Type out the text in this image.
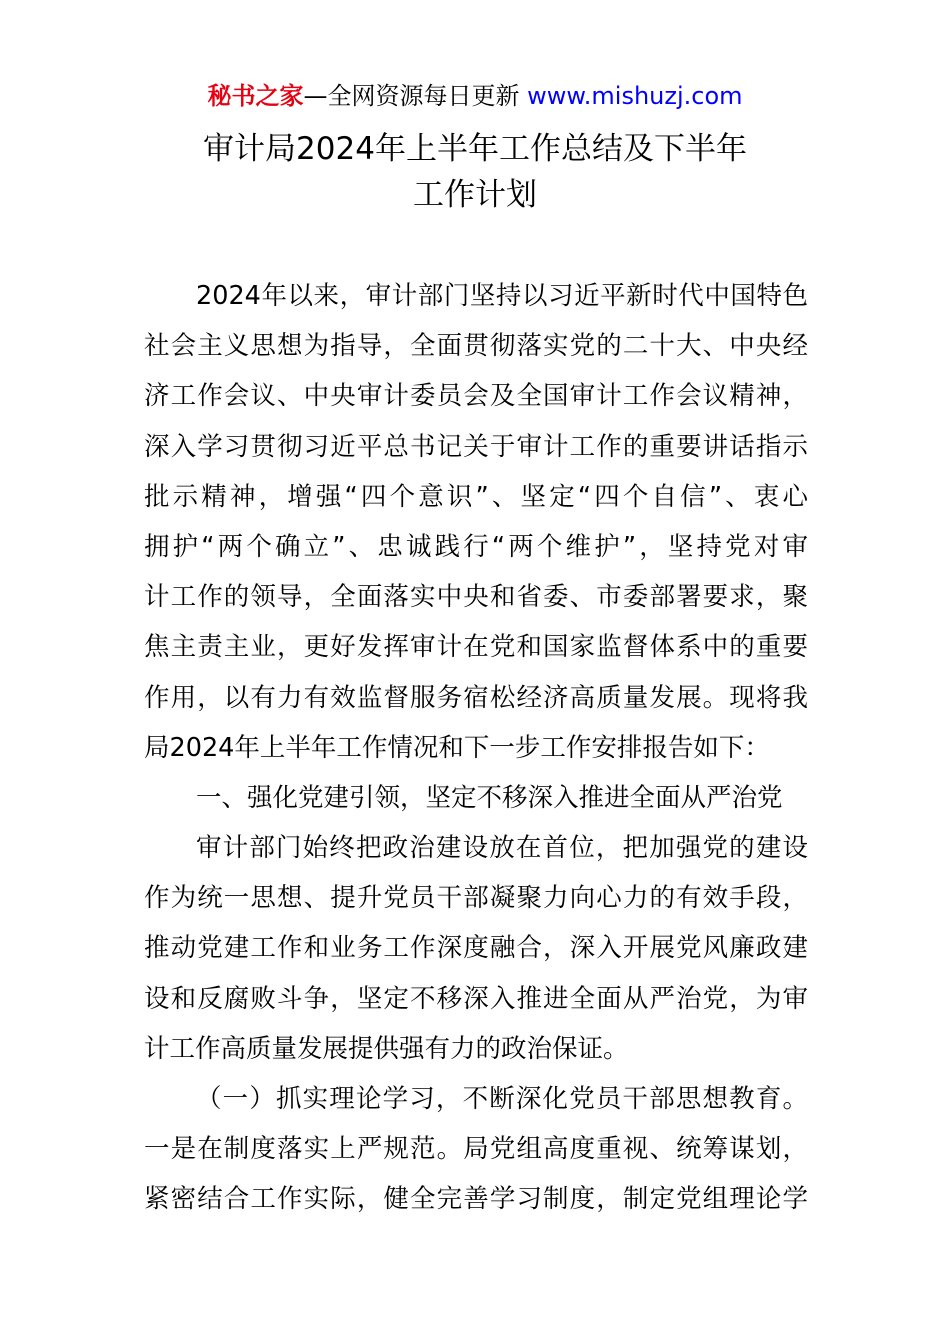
秘书之家—全网资源每日更新 www.mishuzj.com
审计局2024年上半年工作总结及下半年
工作计划
2024年以来，审计部门坚持以习近平新时代中国特色
社会主义思想为指导，全面贯彻落实党的二十大、中央经
济工作会议、中央审计委员会及全国审计工作会议精神，
深入学习贯彻习近平总书记关于审计工作的重要讲话指示
批示精神，增强“四个意识”、坚定“四个自信”、衷心
拥护“两个确立”、忠诚践行“两个维护”，坚持党对审
计工作的领导，全面落实中央和省委、市委部署要求，聚
焦主责主业，更好发挥审计在党和国家监督体系中的重要
作用，以有力有效监督服务宿松经济高质量发展。现将我
局2024年上半年工作情况和下一步工作安排报告如下：
一、强化党建引领，坚定不移深入推进全面从严治党
审计部门始终把政治建设放在首位，把加强党的建设
作为统一思想、提升党员干部凝聚力向心力的有效手段，
推动党建工作和业务工作深度融合，深入开展党风廉政建
设和反腐败斗争，坚定不移深入推进全面从严治党，为审
计工作高质量发展提供强有力的政治保证。
（一）抓实理论学习，不断深化党员干部思想教育。
一是在制度落实上严规范。局党组高度重视、统筹谋划，
紧密结合工作实际，健全完善学习制度，制定党组理论学
